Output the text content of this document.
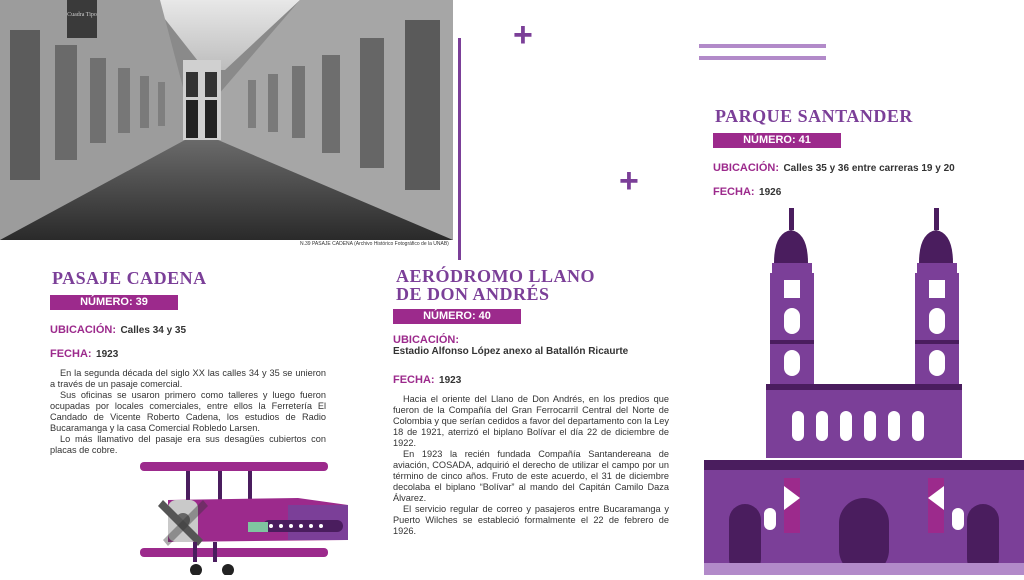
Cuadra Tipo
N.39 PASAJE CADENA (Archivo Histórico Fotográfico de la UNAB)
+
+
PASAJE CADENA
NÚMERO: 39
UBICACIÓN: Calles 34 y 35
FECHA: 1923

En la segunda década del siglo XX las calles 34 y 35 se unieron a través de un pasaje comercial.

Sus oficinas se usaron primero como talleres y luego fueron ocupadas por locales comerciales, entre ellos la Ferretería El Candado de Vicente Roberto Cadena, los estudios de Radio Bucaramanga y la casa Comercial Robledo Larsen.

Lo más llamativo del pasaje era sus desagües cubiertos con placas de cobre.

AERÓDROMO LLANO
DE DON ANDRÉS
NÚMERO: 40
UBICACIÓN:
Estadio Alfonso López anexo al Batallón Ricaurte
FECHA: 1923

Hacia el oriente del Llano de Don Andrés, en los predios que fueron de la Compañía del Gran Ferrocarril Central del Norte de Colombia y que serían cedidos a favor del departamento con la Ley 18 de 1921, aterrizó el biplano Bolívar el día 22 de diciembre de 1922.

En 1923 la recién fundada Compañía Santandereana de aviación, COSADA, adquirió el derecho de utilizar el campo por un término de cinco años. Fruto de este acuerdo, el 31 de diciembre decolaba el biplano “Bolívar” al mando del Capitán Camilo Daza Álvarez.

El servicio regular de correo y pasajeros entre Bucaramanga y Puerto Wilches se estableció formalmente el 22 de febrero de 1926.

PARQUE SANTANDER
NÚMERO: 41
UBICACIÓN: Calles 35 y 36 entre carreras 19 y 20
FECHA: 1926
